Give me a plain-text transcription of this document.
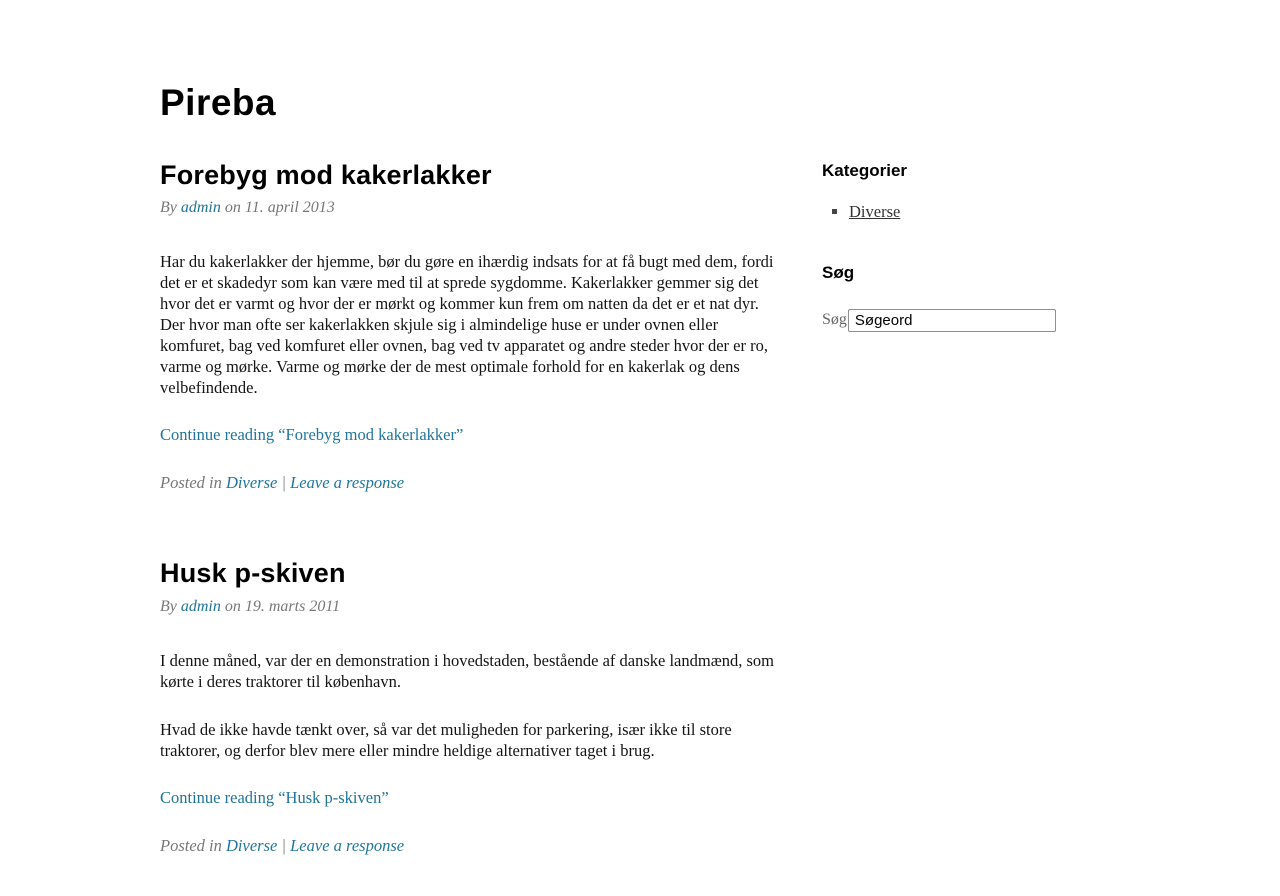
Pireba
Forebyg mod kakerlakker

By admin on 11. april 2013

Har du kakerlakker der hjemme, bør du gøre en ihærdig indsats for at få bugt med dem, fordi det er et skadedyr som kan være med til at sprede sygdomme. Kakerlakker gemmer sig det hvor det er varmt og hvor der er mørkt og kommer kun frem om natten da det er et nat dyr. Der hvor man ofte ser kakerlakken skjule sig i almindelige huse er under ovnen eller komfuret, bag ved komfuret eller ovnen, bag ved tv apparatet og andre steder hvor der er ro, varme og mørke. Varme og mørke der de mest optimale forhold for en kakerlak og dens velbefindende.

Continue reading “Forebyg mod kakerlakker”

Posted in Diverse | Leave a response

Husk p-skiven

By admin on 19. marts 2011

I denne måned, var der en demonstration i hovedstaden, bestående af danske landmænd, som kørte i deres traktorer til københavn.

Hvad de ikke havde tænkt over, så var det muligheden for parkering, især ikke til store traktorer, og derfor blev mere eller mindre heldige alternativer taget i brug.

Continue reading “Husk p-skiven”

Posted in Diverse | Leave a response

Kategorier
▪ Diverse
Søg
Søg
Søgeord
